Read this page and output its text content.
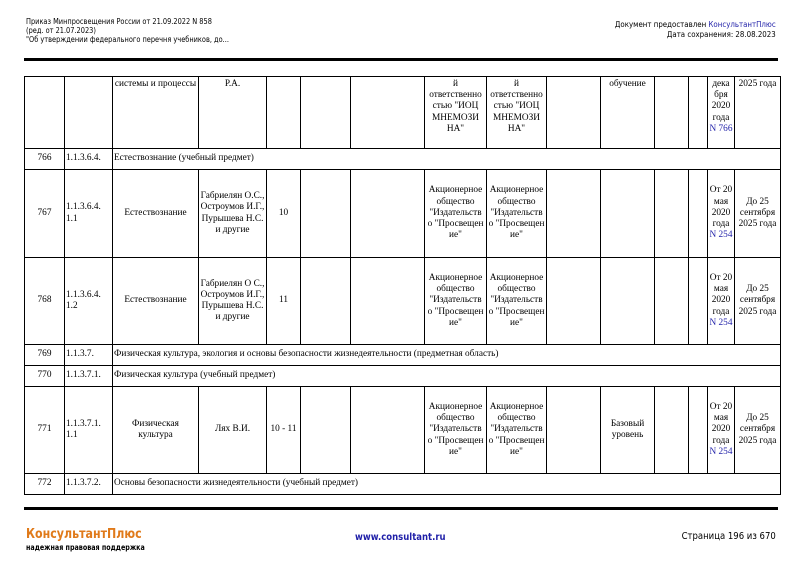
Приказ Минпросвещения России от 21.09.2022 N 858
(ред. от 21.07.2023)
"Об утверждении федерального перечня учебников, до...
Документ предоставлен КонсультантПлюс
Дата сохранения: 28.08.2023
		системы и процессы	Р.А.				й ответственно стью "ИОЦ МНЕМОЗИ НА"	й ответственно стью "ИОЦ МНЕМОЗИ НА"		обучение			дека бря 2020 года N 766	2025 года
766	1.1.3.6.4.	Естествознание (учебный предмет)												
767	1.1.3.6.4. 1.1	Естествознание	Габриелян О.С., Остроумов И.Г., Пурышева Н.С. и другие	10			Акционерное общество "Издательств о "Просвещен ие"	Акционерное общество "Издательств о "Просвещен ие"					От 20 мая 2020 года N 254	До 25 сентября 2025 года
768	1.1.3.6.4. 1.2	Естествознание	Габриелян О С., Остроумов И.Г., Пурышева Н.С. и другие	11			Акционерное общество "Издательств о "Просвещен ие"	Акционерное общество "Издательств о "Просвещен ие"					От 20 мая 2020 года N 254	До 25 сентября 2025 года
769	1.1.3.7.	Физическая культура, экология и основы безопасности жизнедеятельности (предметная область)												
770	1.1.3.7.1.	Физическая культура (учебный предмет)												
771	1.1.3.7.1. 1.1	Физическая культура	Лях В.И.	10 - 11			Акционерное общество "Издательств о "Просвещен ие"	Акционерное общество "Издательств о "Просвещен ие"		Базовый уровень			От 20 мая 2020 года N 254	До 25 сентября 2025 года
772	1.1.3.7.2.	Основы безопасности жизнедеятельности (учебный предмет)												
КонсультантПлюс
надежная правовая поддержка
www.consultant.ru	Страница 196 из 670
